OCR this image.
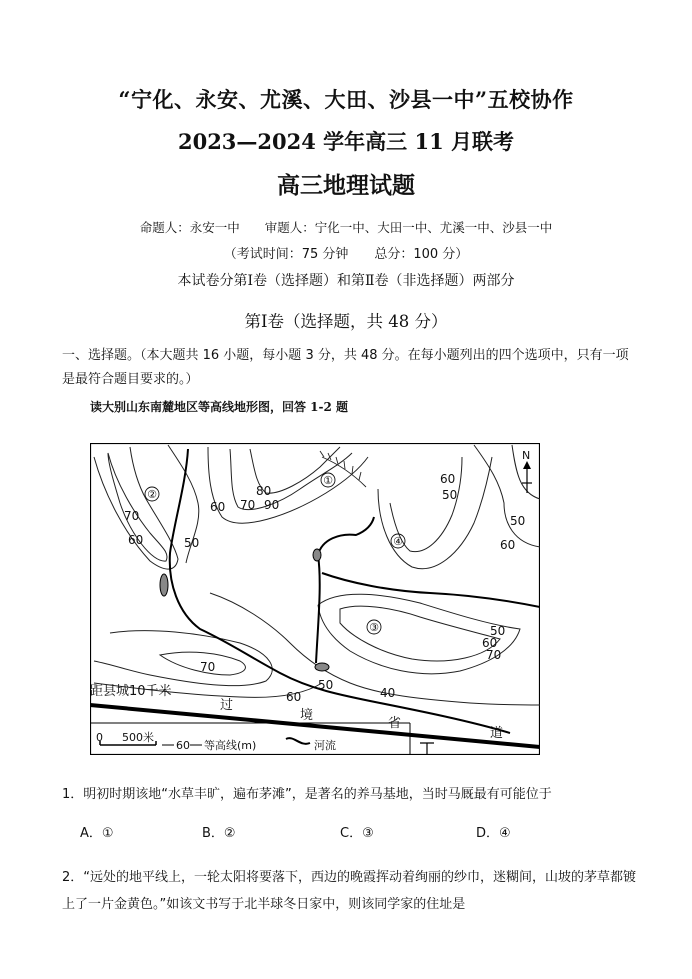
“宁化、永安、尤溪、大田、沙县一中”五校协作
2023—2024 学年高三 11 月联考
高三地理试题
命题人：永安一中　　审题人：宁化一中、大田一中、尤溪一中、沙县一中
（考试时间：75 分钟　　总分：100 分）
本试卷分第Ⅰ卷（选择题）和第Ⅱ卷（非选择题）两部分
第Ⅰ卷（选择题，共 48 分）
一、选择题。（本大题共 16 小题，每小题 3 分，共 48 分。在每小题列出的四个选项中，只有一项是最符合题目要求的。）
读大别山东南麓地区等高线地形图，回答 1-2 题
②
①
④
③
N
70
60
60 70
80
90
50
60
50
50
60
50
60
70
70
60
50
40
距县城10千米
过
境
省
道
0 500米
60 等高线(m)	河流
1．明初时期该地“水草丰旷，遍布茅滩”，是著名的养马基地，当时马厩最有可能位于
A．①	B．②	C．③	D．④
2．“远处的地平线上，一轮太阳将要落下，西边的晚霞挥动着绚丽的纱巾，迷糊间，山坡的茅草都镀上了一片金黄色。”如该文书写于北半球冬日家中，则该同学家的住址是
